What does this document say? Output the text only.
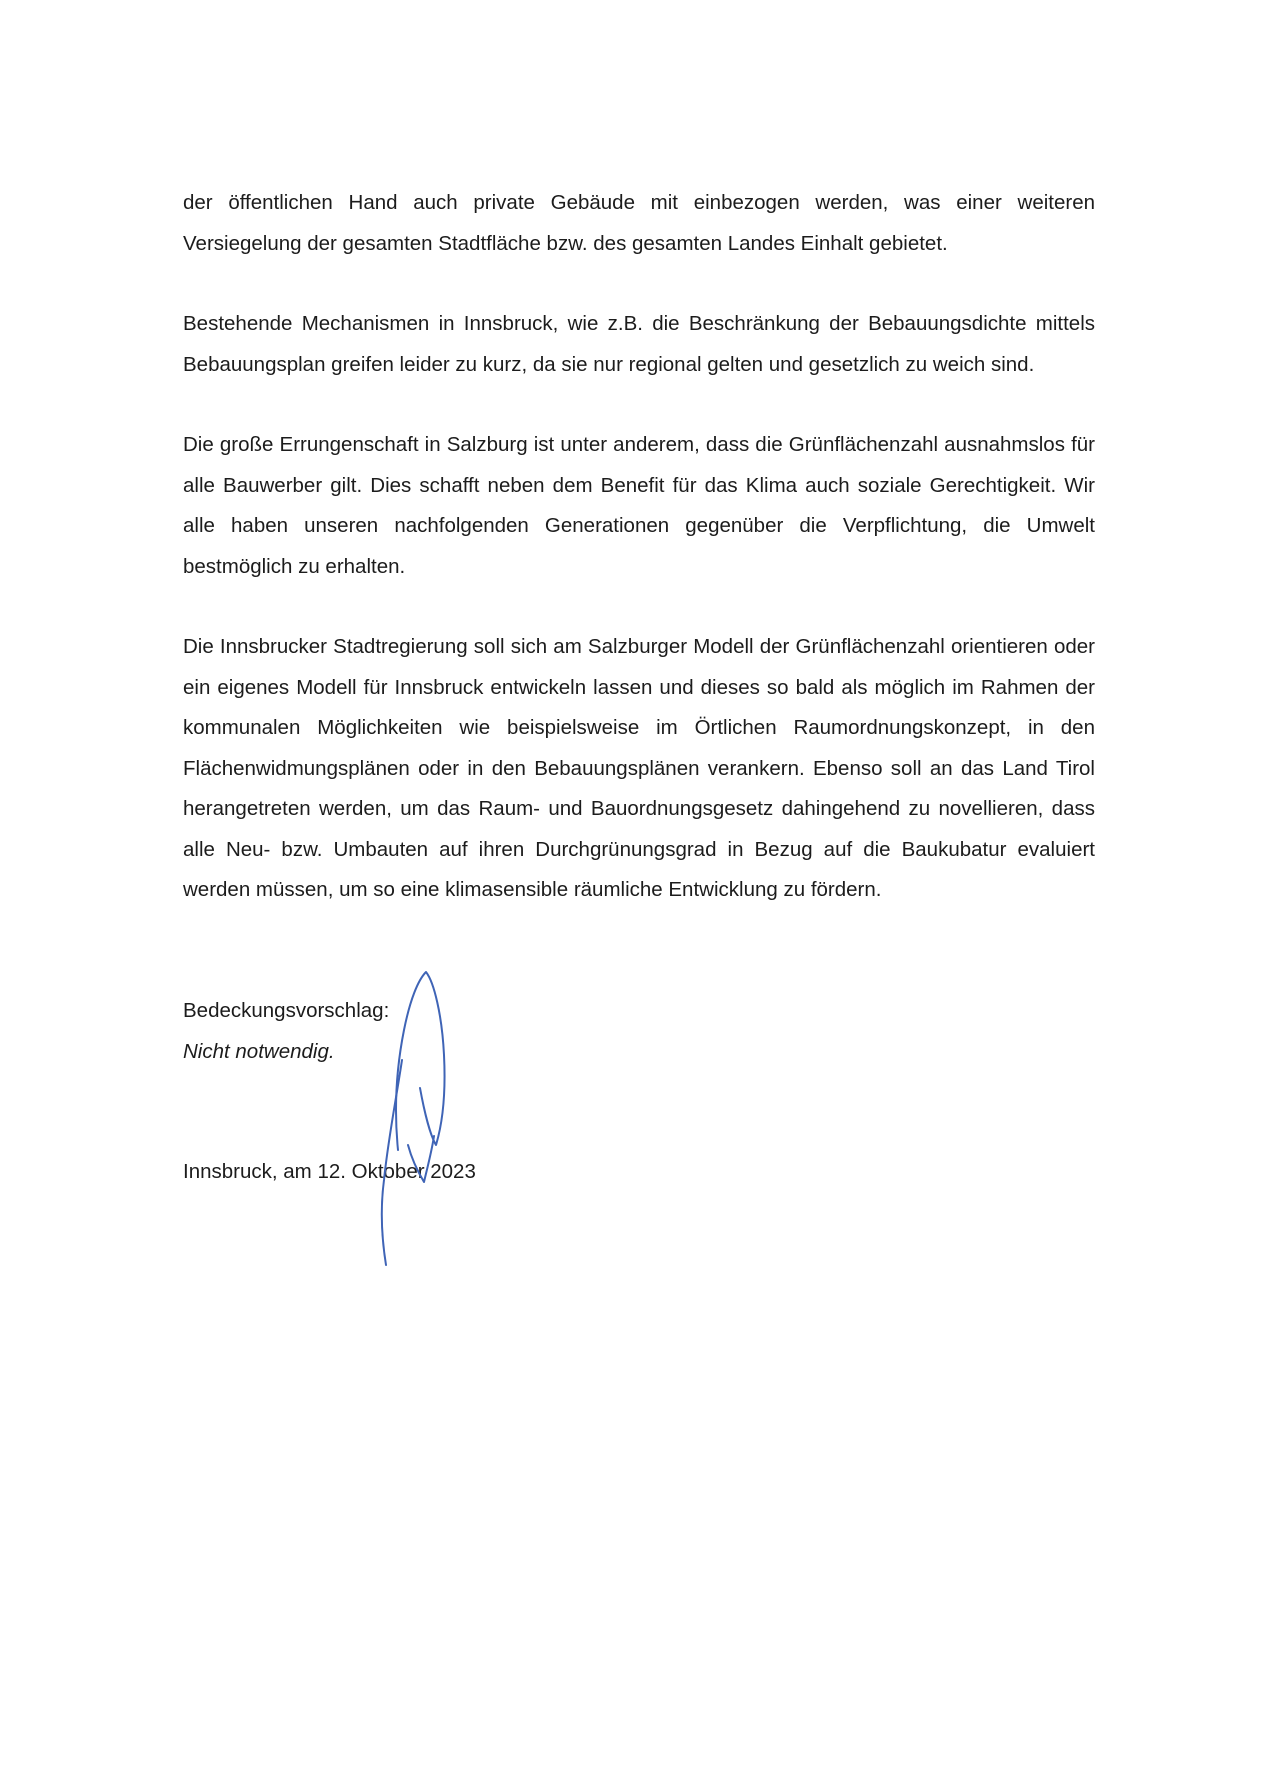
der öffentlichen Hand auch private Gebäude mit einbezogen werden, was einer weiteren Versiegelung der gesamten Stadtfläche bzw. des gesamten Landes Einhalt gebietet.

Bestehende Mechanismen in Innsbruck, wie z.B. die Beschränkung der Bebauungsdichte mittels Bebauungsplan greifen leider zu kurz, da sie nur regional gelten und gesetzlich zu weich sind.

Die große Errungenschaft in Salzburg ist unter anderem, dass die Grünflächenzahl ausnahmslos für alle Bauwerber gilt. Dies schafft neben dem Benefit für das Klima auch soziale Gerechtigkeit. Wir alle haben unseren nachfolgenden Generationen gegenüber die Verpflichtung, die Umwelt bestmöglich zu erhalten.

Die Innsbrucker Stadtregierung soll sich am Salzburger Modell der Grünflächenzahl orientieren oder ein eigenes Modell für Innsbruck entwickeln lassen und dieses so bald als möglich im Rahmen der kommunalen Möglichkeiten wie beispielsweise im Örtlichen Raumordnungskonzept, in den Flächenwidmungsplänen oder in den Bebauungsplänen verankern. Ebenso soll an das Land Tirol herangetreten werden, um das Raum- und Bauordnungsgesetz dahingehend zu novellieren, dass alle Neu- bzw. Umbauten auf ihren Durchgrünungsgrad in Bezug auf die Baukubatur evaluiert werden müssen, um so eine klimasensible räumliche Entwicklung zu fördern.

Bedeckungsvorschlag:

Nicht notwendig.

Innsbruck, am 12. Oktober 2023
